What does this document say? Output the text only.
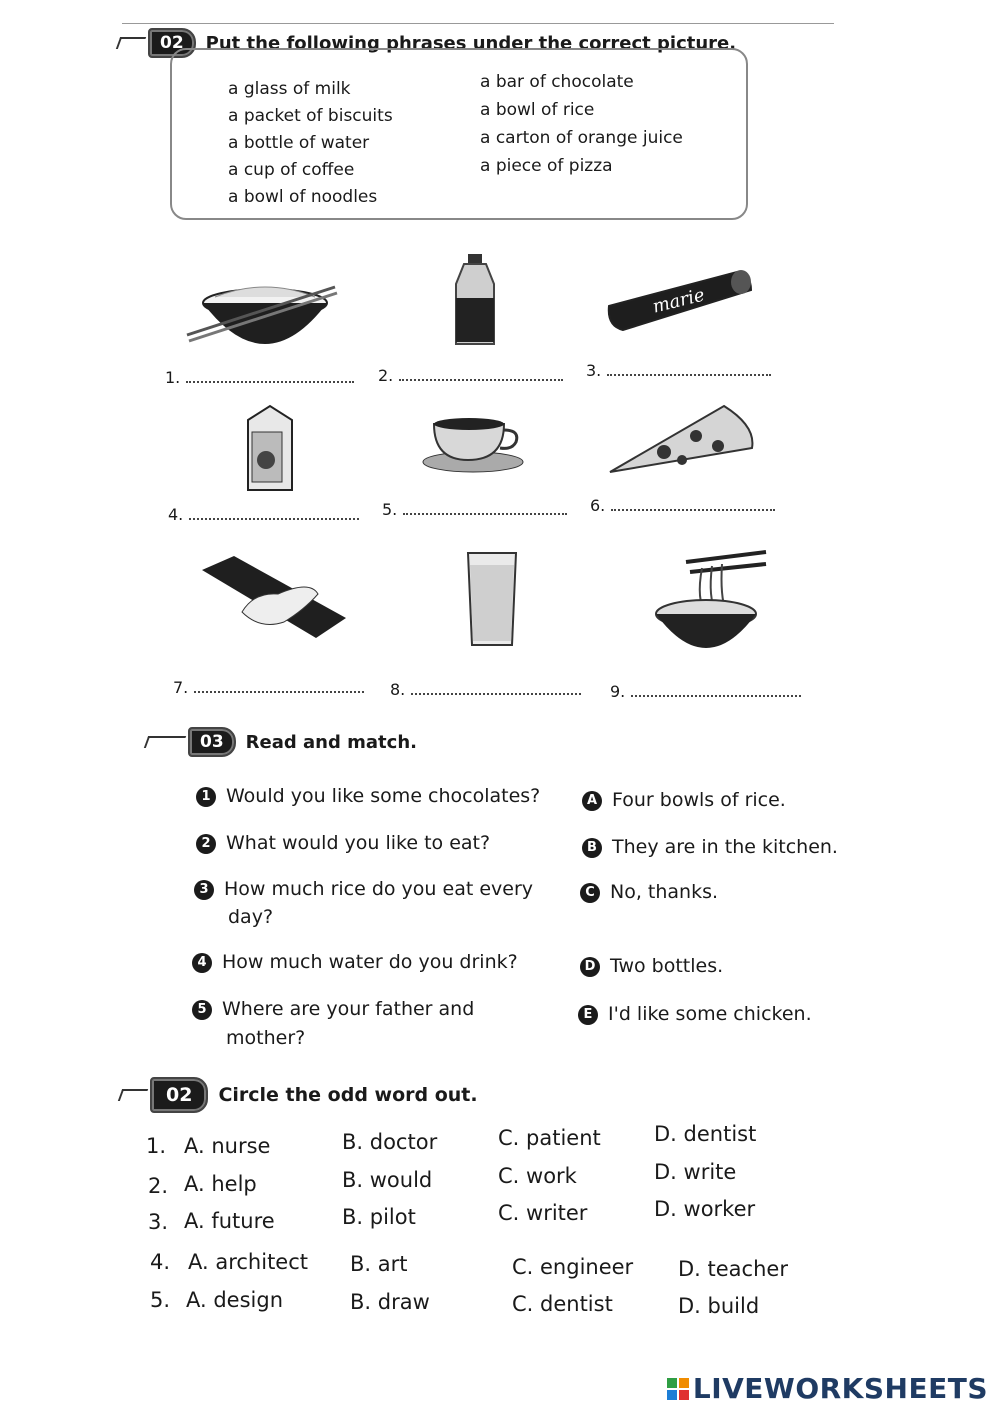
02	Put the following phrases under the correct picture.
a glass of milk
a packet of biscuits
a bottle of water
a cup of coffee
a bowl of noodles
a bar of chocolate
a bowl of rice
a carton of orange juice
a piece of pizza
marie
1.	2.	3.
4.	5.	6.
7.	8.	9.
03	Read and match.
1 Would you like some chocolates?
2 What would you like to eat?
3 How much rice do you eat every
day?
4 How much water do you drink?
5 Where are your father and
mother?
A Four bowls of rice.
B They are in the kitchen.
C No, thanks.
D Two bottles.
E I'd like some chicken.
02	Circle the odd word out.
1. A. nurse	B. doctor	C. patient	D. dentist
2. A. help	B. would	C. work	D. write
3. A. future	B. pilot	C. writer	D. worker
4. A. architect B. art	C. engineer D. teacher
5. A. design	B. draw	C. dentist	D. build
LIVEWORKSHEETS
